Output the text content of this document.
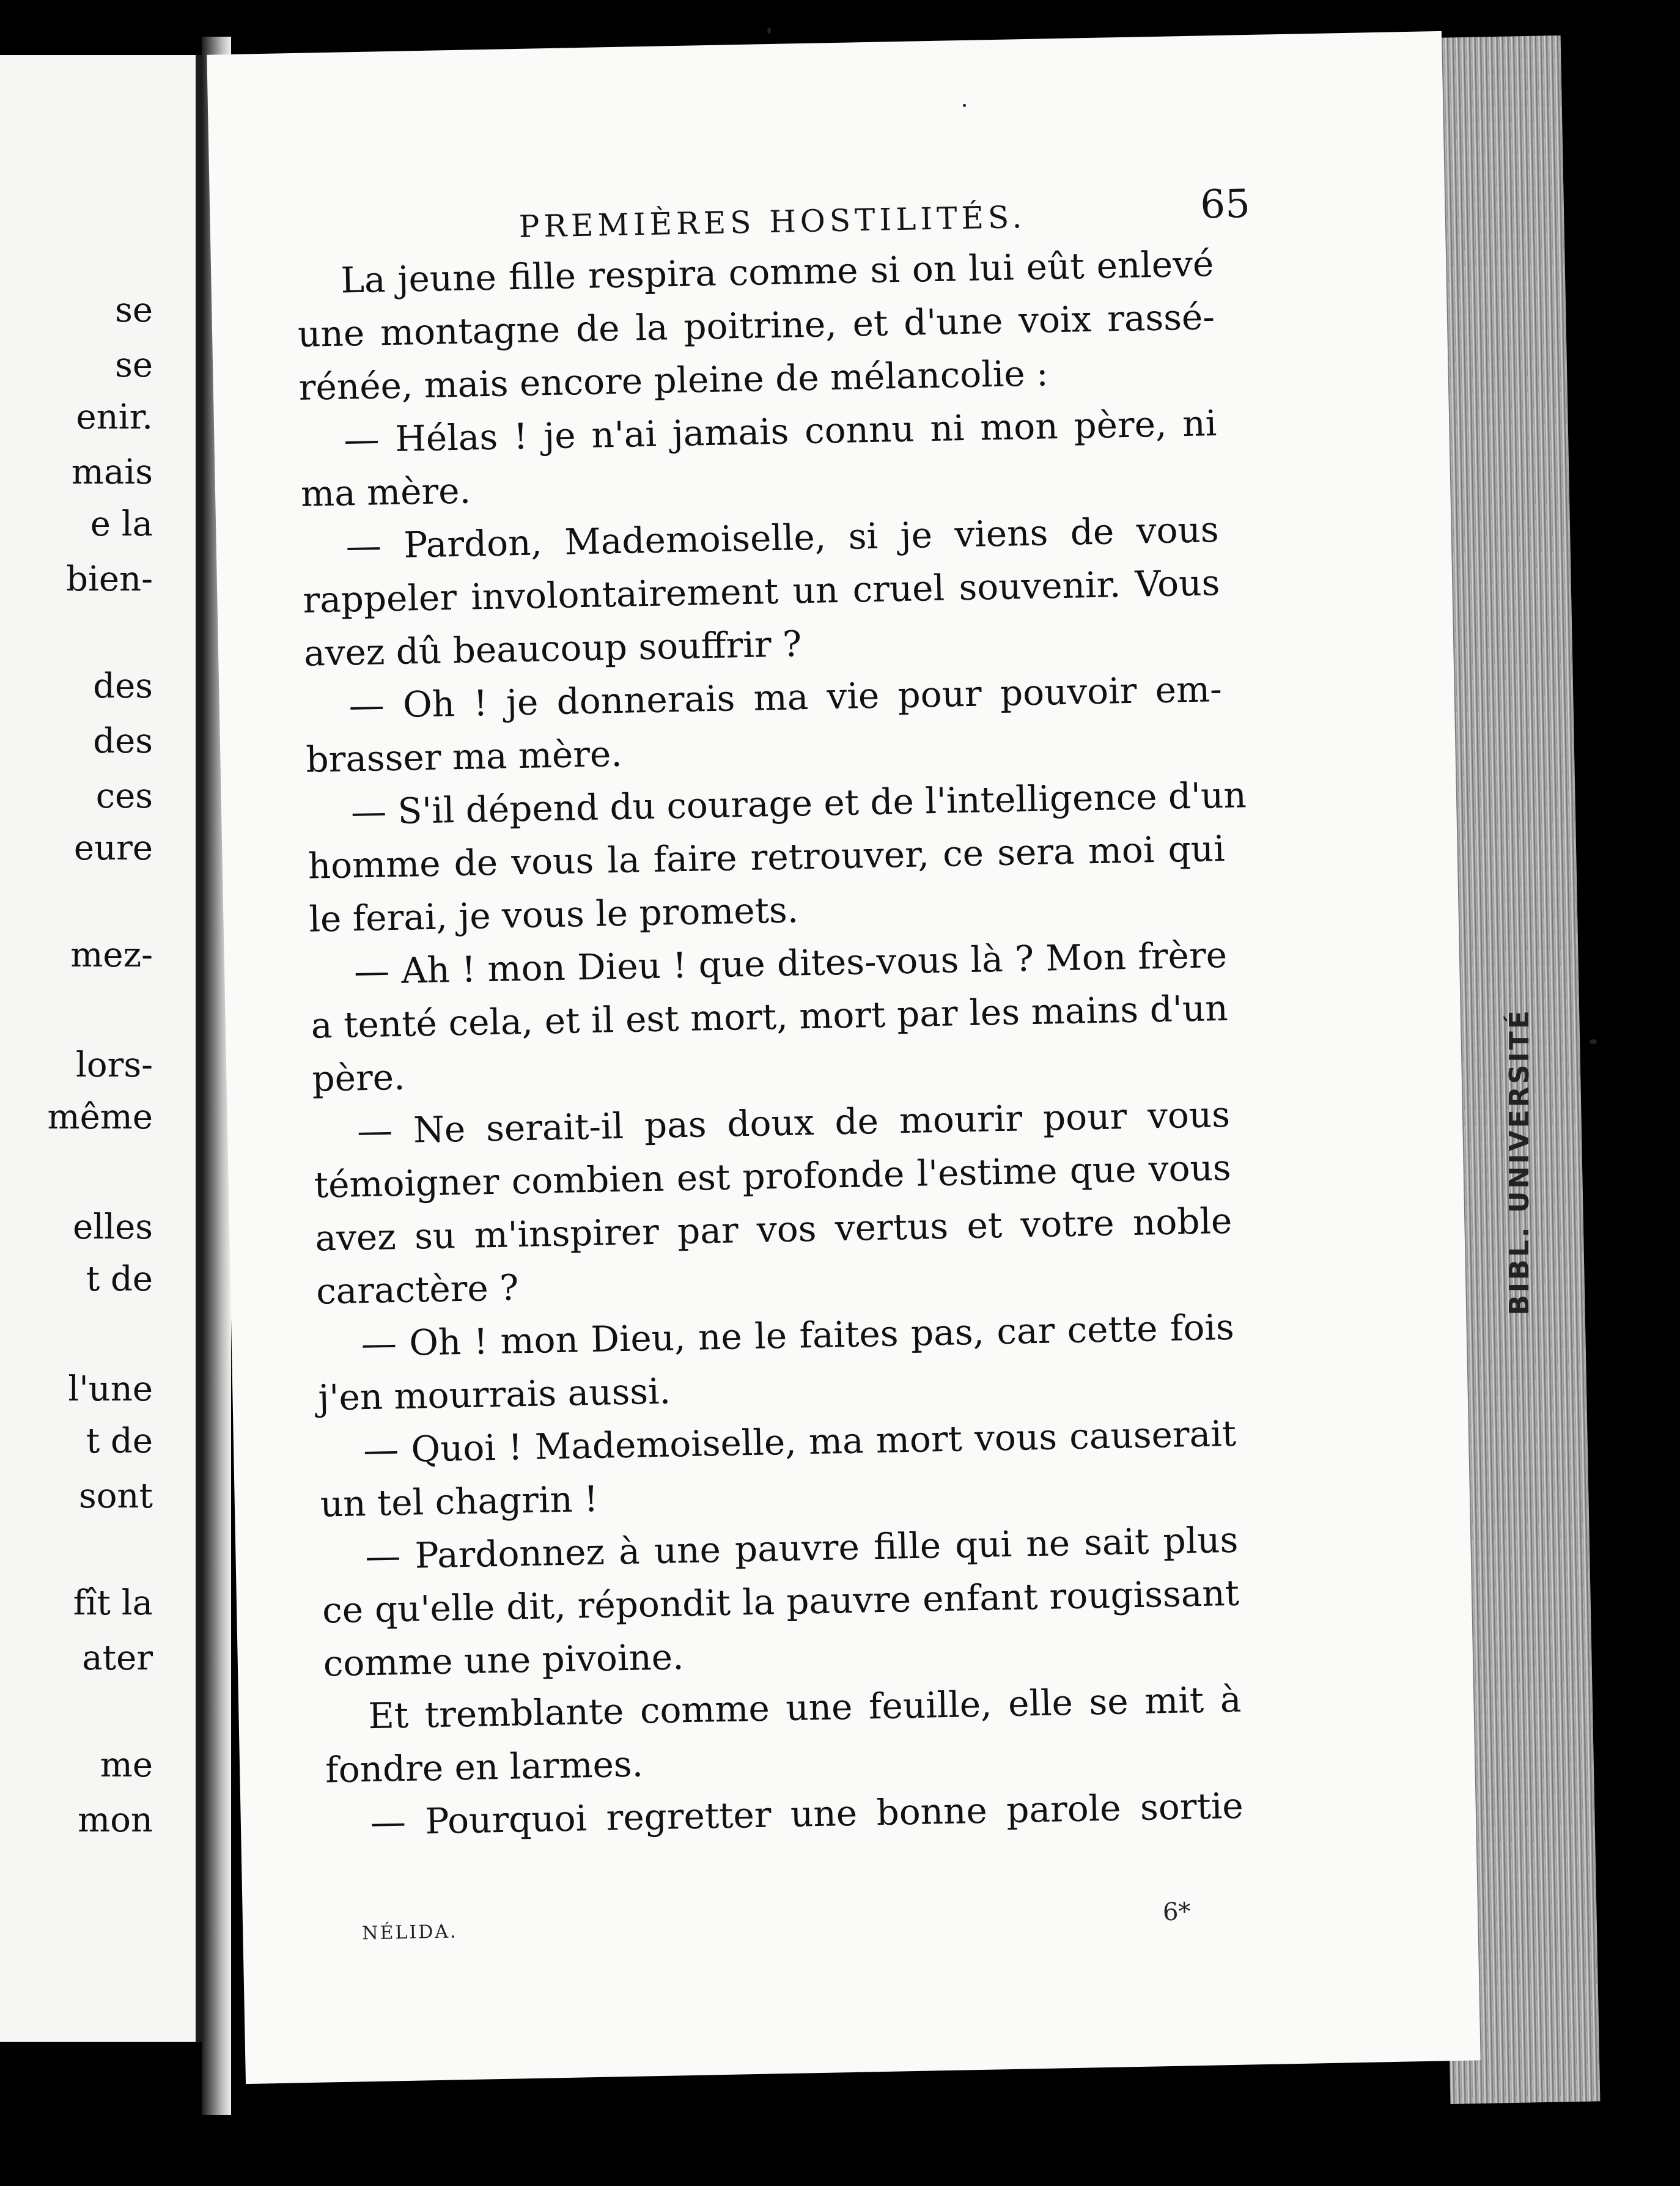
se
se
enir.
mais
e la
bien-
des
des
ces
eure
mez-
lors-
même
elles
t de
l'une
t de
sont
fît la
ater
me
mon
BIBL. UNIVERSITÉ
PREMIÈRES HOSTILITÉS.	65
La jeune fille respira comme si on lui eût enlevé
une montagne de la poitrine, et d'une voix rassé-
rénée, mais encore pleine de mélancolie :
— Hélas ! je n'ai jamais connu ni mon père, ni
ma mère.
— Pardon, Mademoiselle, si je viens de vous
rappeler involontairement un cruel souvenir. Vous
avez dû beaucoup souffrir ?
— Oh ! je donnerais ma vie pour pouvoir em-
brasser ma mère.
— S'il dépend du courage et de l'intelligence d'un
homme de vous la faire retrouver, ce sera moi qui
le ferai, je vous le promets.
— Ah ! mon Dieu ! que dites-vous là ? Mon frère
a tenté cela, et il est mort, mort par les mains d'un
père.
— Ne serait-il pas doux de mourir pour vous
témoigner combien est profonde l'estime que vous
avez su m'inspirer par vos vertus et votre noble
caractère ?
— Oh ! mon Dieu, ne le faites pas, car cette fois
j'en mourrais aussi.
— Quoi ! Mademoiselle, ma mort vous causerait
un tel chagrin !
— Pardonnez à une pauvre fille qui ne sait plus
ce qu'elle dit, répondit la pauvre enfant rougissant
comme une pivoine.
Et tremblante comme une feuille, elle se mit à
fondre en larmes.
— Pourquoi regretter une bonne parole sortie
NÉLIDA.
6*
